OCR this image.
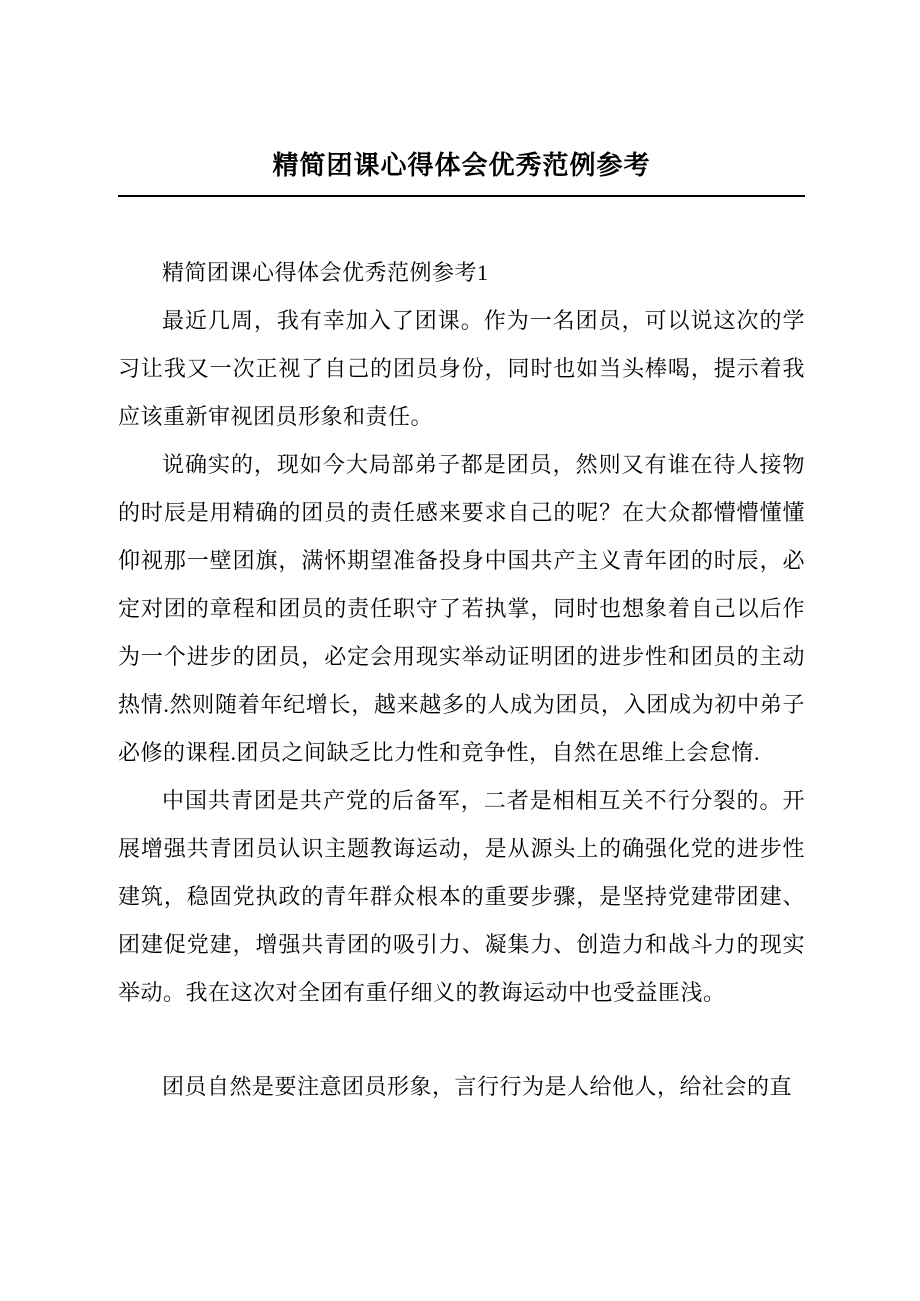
精简团课心得体会优秀范例参考

精简团课心得体会优秀范例参考1

最近几周，我有幸加入了团课。作为一名团员，可以说这次的学习让我又一次正视了自己的团员身份，同时也如当头棒喝，提示着我应该重新审视团员形象和责任。

说确实的，现如今大局部弟子都是团员，然则又有谁在待人接物的时辰是用精确的团员的责任感来要求自己的呢？在大众都懵懵懂懂仰视那一壁团旗，满怀期望准备投身中国共产主义青年团的时辰，必定对团的章程和团员的责任职守了若执掌，同时也想象着自己以后作为一个进步的团员，必定会用现实举动证明团的进步性和团员的主动热情.然则随着年纪增长，越来越多的人成为团员，入团成为初中弟子必修的课程.团员之间缺乏比力性和竞争性，自然在思维上会怠惰.

中国共青团是共产党的后备军，二者是相相互关不行分裂的。开展增强共青团员认识主题教诲运动，是从源头上的确强化党的进步性建筑，稳固党执政的青年群众根本的重要步骤，是坚持党建带团建、团建促党建，增强共青团的吸引力、凝集力、创造力和战斗力的现实举动。我在这次对全团有重仔细义的教诲运动中也受益匪浅。

团员自然是要注意团员形象，言行行为是人给他人，给社会的直
